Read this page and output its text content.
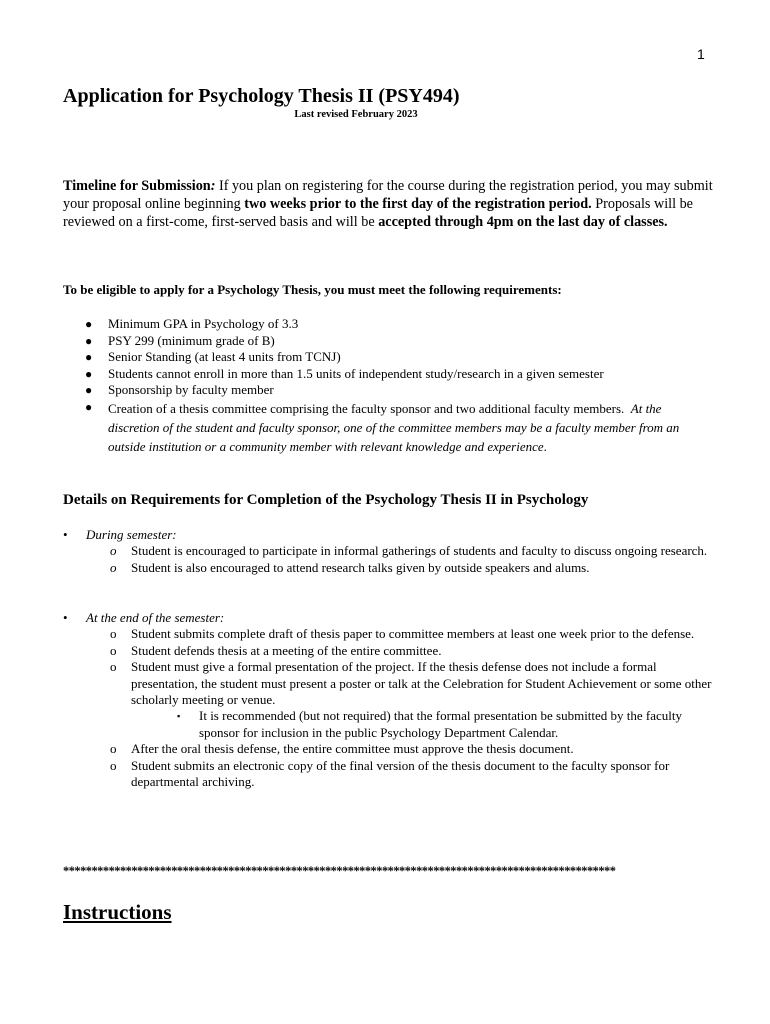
1
Application for Psychology Thesis II (PSY494)
Last revised February 2023

Timeline for Submission: If you plan on registering for the course during the registration period, you may submit your proposal online beginning two weeks prior to the first day of the registration period. Proposals will be reviewed on a first-come, first-served basis and will be accepted through 4pm on the last day of classes.

To be eligible to apply for a Psychology Thesis, you must meet the following requirements:

● Minimum GPA in Psychology of 3.3
● PSY 299 (minimum grade of B)
● Senior Standing (at least 4 units from TCNJ)
● Students cannot enroll in more than 1.5 units of independent study/research in a given semester
● Sponsorship by faculty member
● Creation of a thesis committee comprising the faculty sponsor and two additional faculty members. At the discretion of the student and faculty sponsor, one of the committee members may be a faculty member from an outside institution or a community member with relevant knowledge and experience.

Details on Requirements for Completion of the Psychology Thesis II in Psychology

• During semester:
o Student is encouraged to participate in informal gatherings of students and faculty to discuss ongoing research.
o Student is also encouraged to attend research talks given by outside speakers and alums.
• At the end of the semester:
o Student submits complete draft of thesis paper to committee members at least one week prior to the defense.
o Student defends thesis at a meeting of the entire committee.
o Student must give a formal presentation of the project. If the thesis defense does not include a formal presentation, the student must present a poster or talk at the Celebration for Student Achievement or some other scholarly meeting or venue.
▪ It is recommended (but not required) that the formal presentation be submitted by the faculty sponsor for inclusion in the public Psychology Department Calendar.
o After the oral thesis defense, the entire committee must approve the thesis document.
o Student submits an electronic copy of the final version of the thesis document to the faculty sponsor for departmental archiving.
*************************************************************************************************
Instructions
